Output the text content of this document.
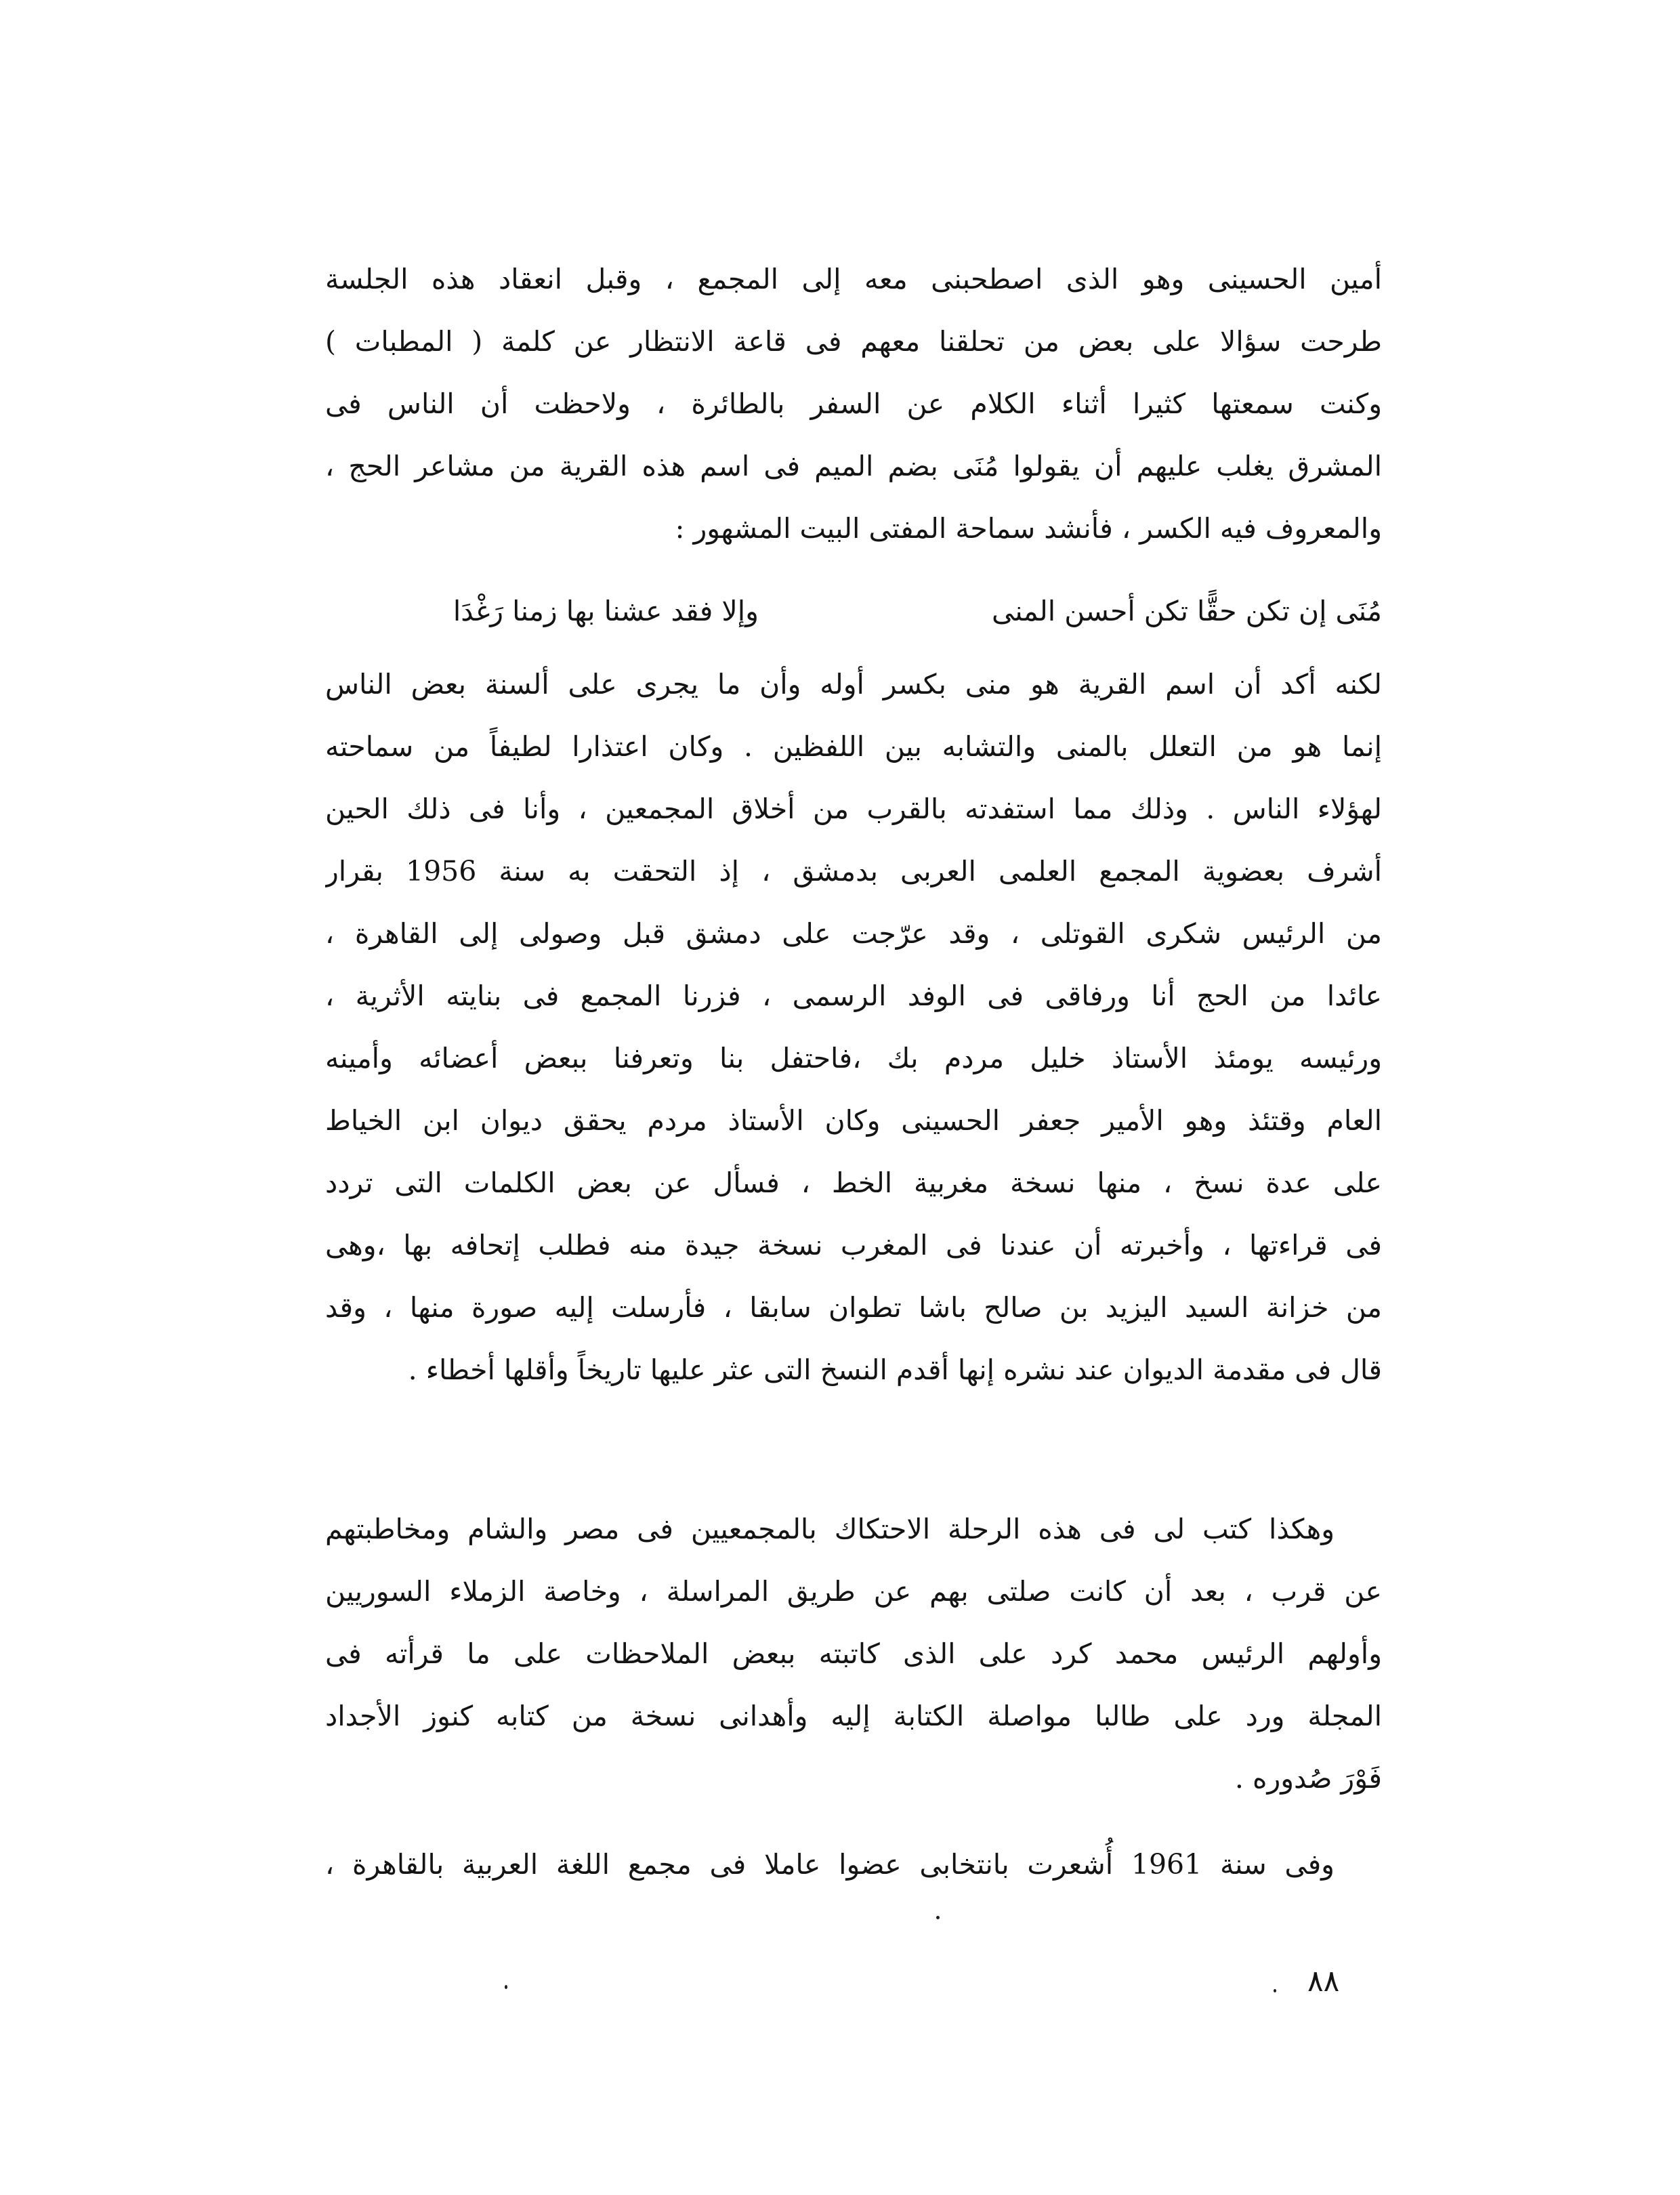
أمين الحسينى وهو الذى اصطحبنى معه إلى المجمع ، وقبل انعقاد هذه الجلسة
طرحت سؤالا على بعض من تحلقنا معهم فى قاعة الانتظار عن كلمة ( المطبات )
وكنت سمعتها كثيرا أثناء الكلام عن السفر بالطائرة ، ولاحظت أن الناس فى
المشرق يغلب عليهم أن يقولوا مُنَى بضم الميم فى اسم هذه القرية من مشاعر الحج ،
والمعروف فيه الكسر ، فأنشد سماحة المفتى البيت المشهور :
مُنَى إن تكن حقًّا تكن أحسن المنى
وإلا فقد عشنا بها زمنا رَغْدَا
لكنه أكد أن اسم القرية هو منى بكسر أوله وأن ما يجرى على ألسنة بعض الناس
إنما هو من التعلل بالمنى والتشابه بين اللفظين . وكان اعتذارا لطيفاً من سماحته
لهؤلاء الناس . وذلك مما استفدته بالقرب من أخلاق المجمعين ، وأنا فى ذلك الحين
أشرف بعضوية المجمع العلمى العربى بدمشق ، إذ التحقت به سنة 1956 بقرار
من الرئيس شكرى القوتلى ، وقد عرّجت على دمشق قبل وصولى إلى القاهرة ،
عائدا من الحج أنا ورفاقى فى الوفد الرسمى ، فزرنا المجمع فى بنايته الأثرية ،
ورئيسه يومئذ الأستاذ خليل مردم بك ،فاحتفل بنا وتعرفنا ببعض أعضائه وأمينه
العام وقتئذ وهو الأمير جعفر الحسينى وكان الأستاذ مردم يحقق ديوان ابن الخياط
على عدة نسخ ، منها نسخة مغربية الخط ، فسأل عن بعض الكلمات التى تردد
فى قراءتها ، وأخبرته أن عندنا فى المغرب نسخة جيدة منه فطلب إتحافه بها ،وهى
من خزانة السيد اليزيد بن صالح باشا تطوان سابقا ، فأرسلت إليه صورة منها ، وقد
قال فى مقدمة الديوان عند نشره إنها أقدم النسخ التى عثر عليها تاريخاً وأقلها أخطاء .
وهكذا كتب لى فى هذه الرحلة الاحتكاك بالمجمعيين فى مصر والشام ومخاطبتهم
عن قرب ، بعد أن كانت صلتى بهم عن طريق المراسلة ، وخاصة الزملاء السوريين
وأولهم الرئيس محمد كرد على الذى كاتبته ببعض الملاحظات على ما قرأته فى
المجلة ورد على طالبا مواصلة الكتابة إليه وأهدانى نسخة من كتابه كنوز الأجداد
فَوْرَ صُدوره .
وفى سنة 1961 أُشعرت بانتخابى عضوا عاملا فى مجمع اللغة العربية بالقاهرة ،
٨٨
